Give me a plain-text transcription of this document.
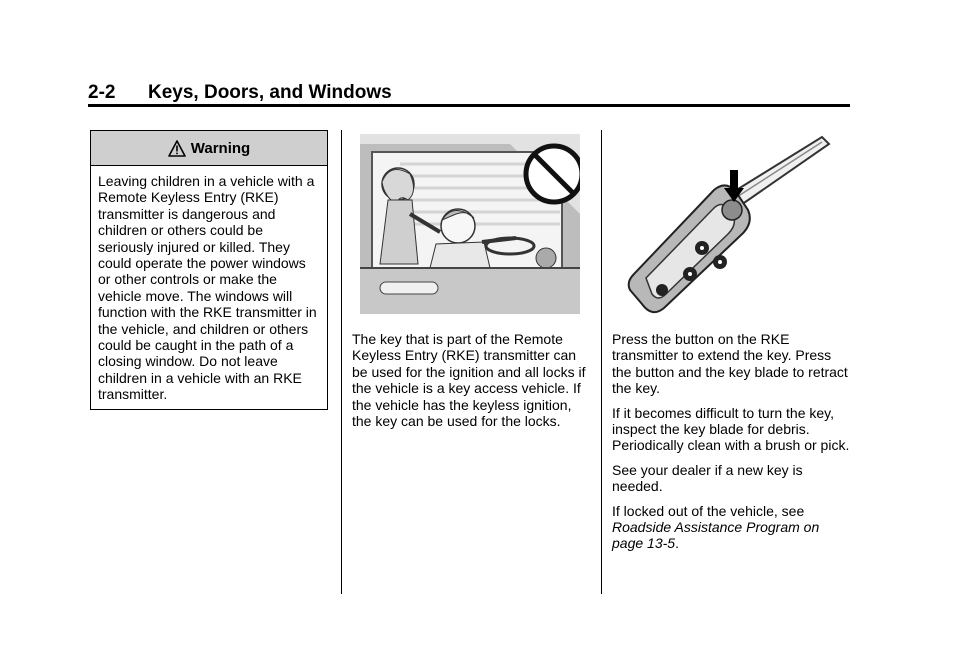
2-2 Keys, Doors, and Windows
Warning
Leaving children in a vehicle with a Remote Keyless Entry (RKE) transmitter is dangerous and children or others could be seriously injured or killed. They could operate the power windows or other controls or make the vehicle move. The windows will function with the RKE transmitter in the vehicle, and children or others could be caught in the path of a closing window. Do not leave children in a vehicle with an RKE transmitter.

The key that is part of the Remote Keyless Entry (RKE) transmitter can be used for the ignition and all locks if the vehicle is a key access vehicle. If the vehicle has the keyless ignition, the key can be used for the locks.

Press the button on the RKE transmitter to extend the key. Press the button and the key blade to retract the key.

If it becomes difficult to turn the key, inspect the key blade for debris. Periodically clean with a brush or pick.

See your dealer if a new key is needed.

If locked out of the vehicle, see Roadside Assistance Program on page 13-5.
